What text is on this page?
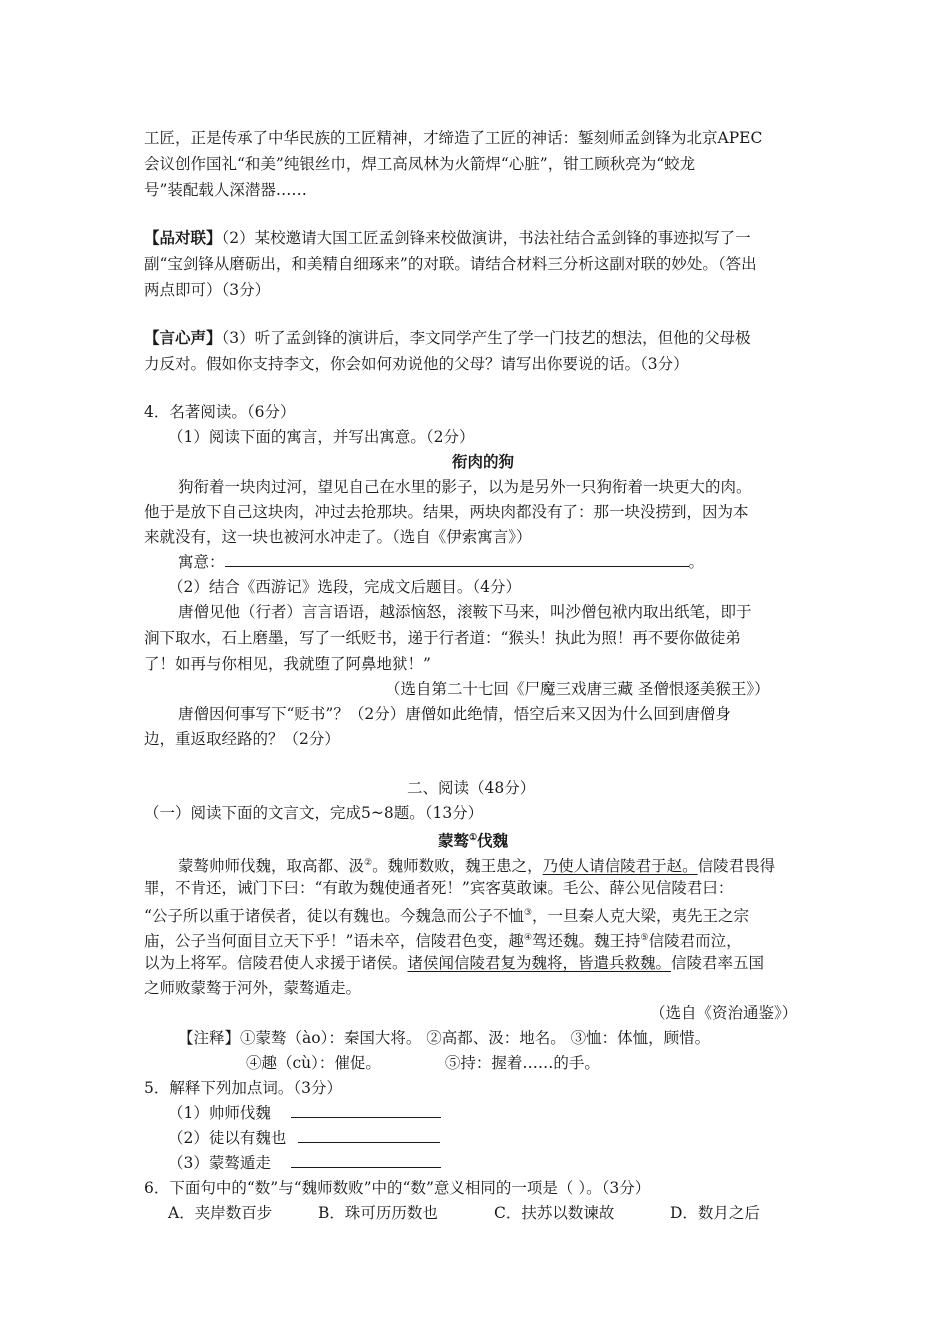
工匠，正是传承了中华民族的工匠精神，才缔造了工匠的神话：錾刻师孟剑锋为北京APEC
会议创作国礼“和美”纯银丝巾，焊工高凤林为火箭焊“心脏”，钳工顾秋亮为“蛟龙
号”装配载人深潜器……
【品对联】（2）某校邀请大国工匠孟剑锋来校做演讲，书法社结合孟剑锋的事迹拟写了一
副“宝剑锋从磨砺出，和美精自细琢来”的对联。请结合材料三分析这副对联的妙处。（答出
两点即可）（3分）
【言心声】（3）听了孟剑锋的演讲后，李文同学产生了学一门技艺的想法，但他的父母极
力反对。假如你支持李文，你会如何劝说他的父母？请写出你要说的话。（3分）
4．名著阅读。（6分）
（1）阅读下面的寓言，并写出寓意。（2分）
衔肉的狗
狗衔着一块肉过河，望见自己在水里的影子，以为是另外一只狗衔着一块更大的肉。
他于是放下自己这块肉，冲过去抢那块。结果，两块肉都没有了：那一块没捞到，因为本
来就没有，这一块也被河水冲走了。（选自《伊索寓言》）
寓意：	。
（2）结合《西游记》选段，完成文后题目。（4分）
唐僧见他（行者）言言语语，越添恼怒，滚鞍下马来，叫沙僧包袱内取出纸笔，即于
涧下取水，石上磨墨，写了一纸贬书，递于行者道：“猴头！执此为照！再不要你做徒弟
了！如再与你相见，我就堕了阿鼻地狱！”
（选自第二十七回《尸魔三戏唐三藏 圣僧恨逐美猴王》）
唐僧因何事写下“贬书”？（2分）唐僧如此绝情，悟空后来又因为什么回到唐僧身
边，重返取经路的？（2分）
二、阅读（48分）
（一）阅读下面的文言文，完成5~8题。（13分）
蒙骜①伐魏
蒙骜帅师伐魏，取高都、汲②。魏师数败，魏王患之，乃使人请信陵君于赵。信陵君畏得
罪，不肯还，诫门下曰：“有敢为魏使通者死！”宾客莫敢谏。毛公、薛公见信陵君曰：
“公子所以重于诸侯者，徒以有魏也。今魏急而公子不恤③，一旦秦人克大梁，夷先王之宗
庙，公子当何面目立天下乎！”语未卒，信陵君色变，趣④驾还魏。魏王持⑤信陵君而泣，
以为上将军。信陵君使人求援于诸侯。诸侯闻信陵君复为魏将，皆遣兵救魏。信陵君率五国
之师败蒙骜于河外，蒙骜遁走。
（选自《资治通鉴》）
【注释】①蒙骜（ào）：秦国大将。 ②高都、汲：地名。 ③恤：体恤，顾惜。
④趣（cù）：催促。	⑤持：握着……的手。
5．解释下列加点词。（3分）
（1）帅师伐魏
（2）徒以有魏也
（3）蒙骜遁走
6．下面句中的“数”与“魏师数败”中的“数”意义相同的一项是（ ）。（3分）
A．夹岸数百步	B．珠可历历数也	C．扶苏以数谏故	D．数月之后
